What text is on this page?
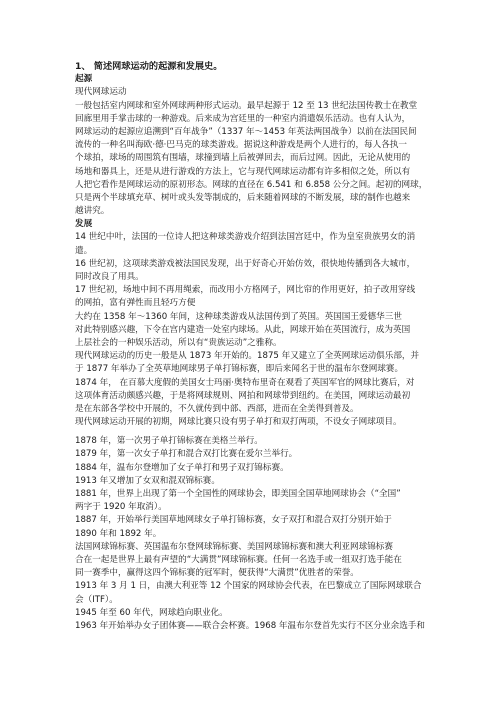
1、 简述网球运动的起源和发展史。
起源
现代网球运动
一般包括室内网球和室外网球两种形式运动。最早起源于 12 至 13 世纪法国传教士在教堂
回廊里用手掌击球的一种游戏。后来成为宫廷里的一种室内消遣娱乐活动。也有人认为，
网球运动的起源应追溯到“百年战争”（1337 年～1453 年英法两国战争）以前在法国民间
流传的一种名叫海欧·德·巴马克的球类游戏。据说这种游戏是两个人进行的，每人各执一
个球拍，球场的周围筑有围墙，球撞到墙上后被弹回去，而后过网。因此，无论从使用的
场地和器具上，还是从进行游戏的方法上，它与现代网球运动都有许多相似之处，所以有
人把它看作是网球运动的原初形态。网球的直径在 6.541 和 6.858 公分之间。起初的网球，
只是两个半球填充草、树叶或头发等制成的，后来随着网球的不断发展，球的制作也越来
越讲究。
发展
14 世纪中叶，法国的一位诗人把这种球类游戏介绍到法国宫廷中，作为皇室贵族男女的消
遣。
16 世纪初，这项球类游戏被法国民发现，出于好奇心开始仿效，很快地传播到各大城市，
同时改良了用具。
17 世纪初，场地中间不再用绳索，而改用小方格网子，网比帘的作用更好，拍子改用穿线
的网拍，富有弹性而且轻巧方便
大约在 1358 年～1360 年间，这种球类游戏从法国传到了英国。英国国王爱德华三世
对此特别感兴趣，下令在宫内建造一处室内球场。从此，网球开始在英国流行，成为英国
上层社会的一种娱乐活动，所以有“贵族运动”之雅称。
现代网球运动的历史一般是从 1873 年开始的。1875 年又建立了全英网球运动俱乐部，并
于 1877 年举办了全英草地网球男子单打锦标赛，即后来闻名于世的温布尔登网球赛。
1874 年， 在百慕大度假的美国女士玛丽·奥特布里奇在观看了英国军官的网球比赛后，对
这项体育活动颇感兴趣，于是将网球规则、网拍和网球带到纽约。在美国，网球运动最初
是在东部各学校中开展的，不久就传到中部、西部，进而在全美得到普及。
现代网球运动开展的初期，网球比赛只设有男子单打和双打两项，不设女子网球项目。
1878 年，第一次男子单打锦标赛在美格兰举行。
1879 年，第一次女子单打和混合双打比赛在爱尔兰举行。
1884 年，温布尔登增加了女子单打和男子双打锦标赛。
1913 年又增加了女双和混双锦标赛。
1881 年，世界上出现了第一个全国性的网球协会，即美国全国草地网球协会（“全国”
两字于 1920 年取消）。
1887 年，开始举行美国草地网球女子单打锦标赛，女子双打和混合双打分别开始于
1890 年和 1892 年。
法国网球锦标赛、英国温布尔登网球锦标赛、美国网球锦标赛和澳大利亚网球锦标赛
合在一起是世界上最有声望的“大满贯”网球锦标赛。任何一名选手或一组双打选手能在
同一赛季中，赢得这四个锦标赛的冠军时，便获得“大满贯”优胜者的荣誉。
1913 年 3 月 1 日，由澳大利亚等 12 个国家的网球协会代表，在巴黎成立了国际网球联合
会（ITF）。
1945 年至 60 年代，网球趋向职业化。
1963 年开始举办女子团体赛——联合会杯赛。1968 年温布尔登首先实行不区分业余选手和
